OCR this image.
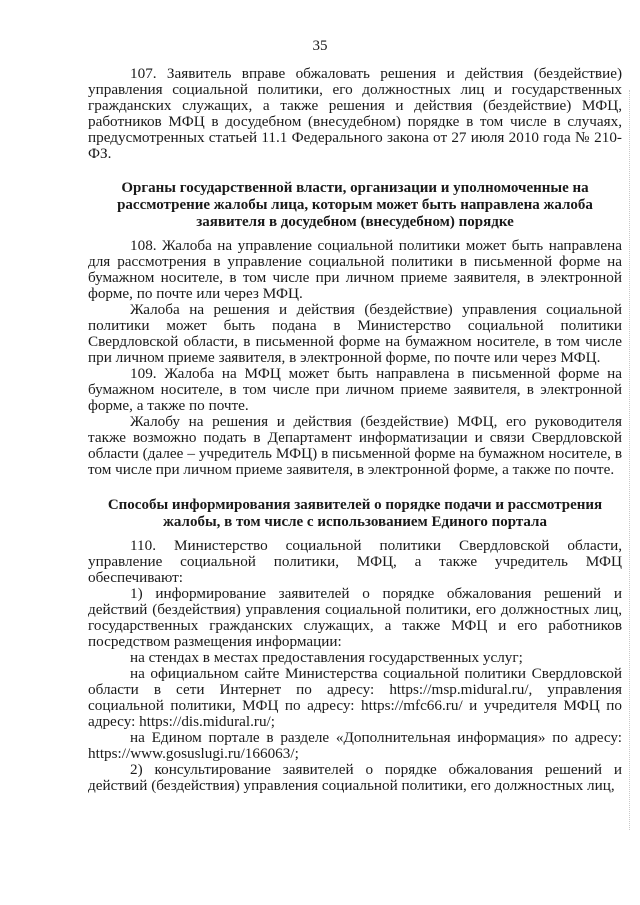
35

107. Заявитель вправе обжаловать решения и действия (бездействие) управления социальной политики, его должностных лиц и государственных гражданских служащих, а также решения и действия (бездействие) МФЦ, работников МФЦ в досудебном (внесудебном) порядке в том числе в случаях, предусмотренных статьей 11.1 Федерального закона от 27 июля 2010 года № 210-ФЗ.

Органы государственной власти, организации и уполномоченные на рассмотрение жалобы лица, которым может быть направлена жалоба заявителя в досудебном (внесудебном) порядке

108. Жалоба на управление социальной политики может быть направлена для рассмотрения в управление социальной политики в письменной форме на бумажном носителе, в том числе при личном приеме заявителя, в электронной форме, по почте или через МФЦ.

Жалоба на решения и действия (бездействие) управления социальной политики может быть подана в Министерство социальной политики Свердловской области, в письменной форме на бумажном носителе, в том числе при личном приеме заявителя, в электронной форме, по почте или через МФЦ.

109. Жалоба на МФЦ может быть направлена в письменной форме на бумажном носителе, в том числе при личном приеме заявителя, в электронной форме, а также по почте.

Жалобу на решения и действия (бездействие) МФЦ, его руководителя также возможно подать в Департамент информатизации и связи Свердловской области (далее – учредитель МФЦ) в письменной форме на бумажном носителе, в том числе при личном приеме заявителя, в электронной форме, а также по почте.

Способы информирования заявителей о порядке подачи и рассмотрения жалобы, в том числе с использованием Единого портала

110. Министерство социальной политики Свердловской области, управление социальной политики, МФЦ, а также учредитель МФЦ обеспечивают:

1) информирование заявителей о порядке обжалования решений и действий (бездействия) управления социальной политики, его должностных лиц, государственных гражданских служащих, а также МФЦ и его работников посредством размещения информации:

на стендах в местах предоставления государственных услуг;

на официальном сайте Министерства социальной политики Свердловской области в сети Интернет по адресу: https://msp.midural.ru/, управления социальной политики, МФЦ по адресу: https://mfc66.ru/ и учредителя МФЦ по адресу: https://dis.midural.ru/;

на Едином портале в разделе «Дополнительная информация» по адресу: https://www.gosuslugi.ru/166063/;

2) консультирование заявителей о порядке обжалования решений и действий (бездействия) управления социальной политики, его должностных лиц,
